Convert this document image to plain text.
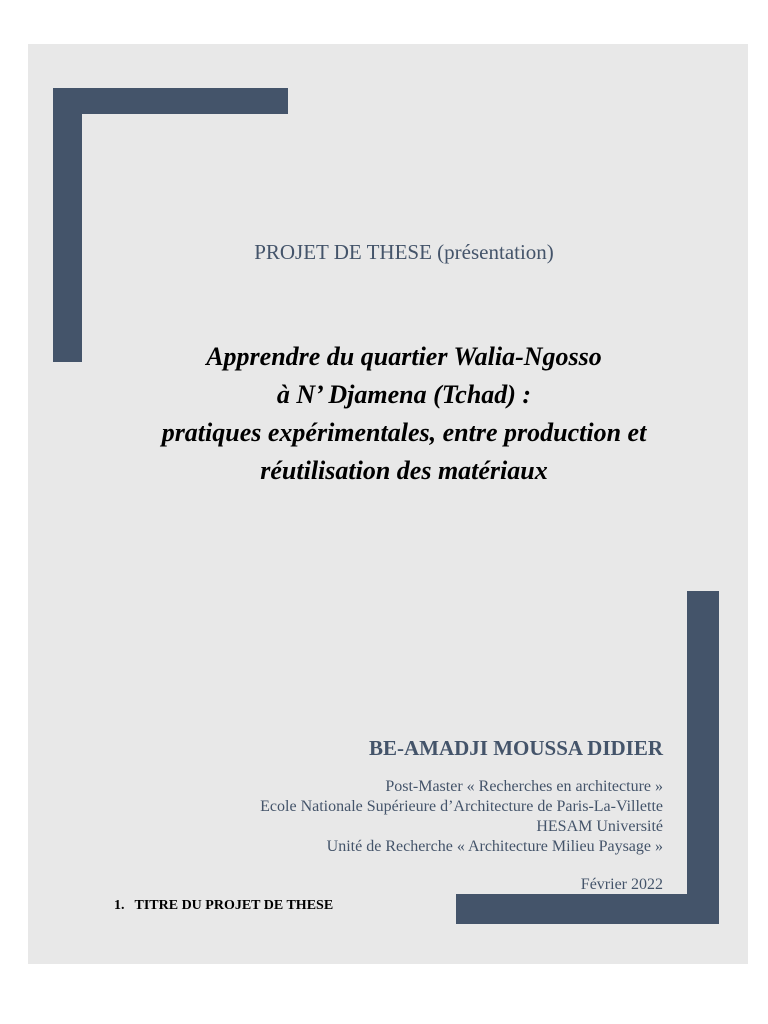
PROJET DE THESE (présentation)
Apprendre du quartier Walia-Ngosso
à N’ Djamena (Tchad) :
pratiques expérimentales, entre production et
réutilisation des matériaux
BE-AMADJI MOUSSA DIDIER
Post-Master « Recherches en architecture »
Ecole Nationale Supérieure d’Architecture de Paris-La-Villette
HESAM Université
Unité de Recherche « Architecture Milieu Paysage »
Février 2022
1. TITRE DU PROJET DE THESE
